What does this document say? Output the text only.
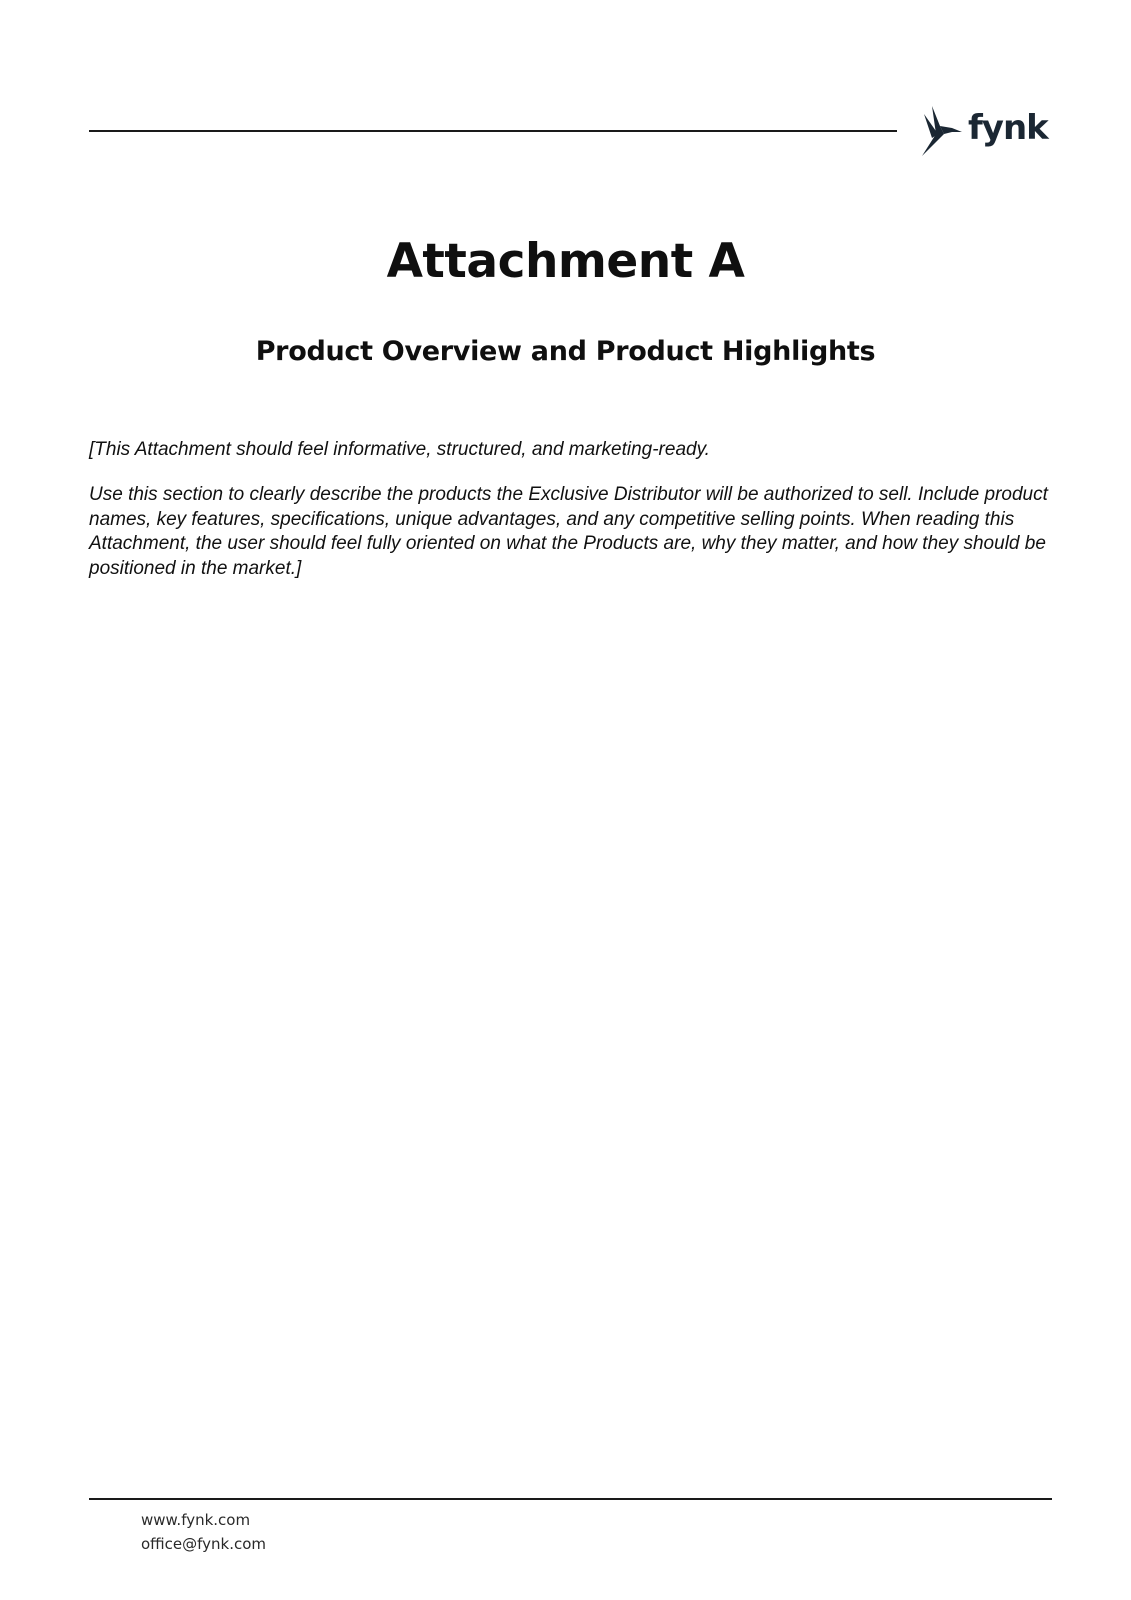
fynk
Attachment A
Product Overview and Product Highlights

[This Attachment should feel informative, structured, and marketing-ready.

Use this section to clearly describe the products the Exclusive Distributor will be authorized to sell. Include product names, key features, specifications, unique advantages, and any competitive selling points. When reading this Attachment, the user should feel fully oriented on what the Products are, why they matter, and how they should be positioned in the market.]

www.fynk.com
office@fynk.com
